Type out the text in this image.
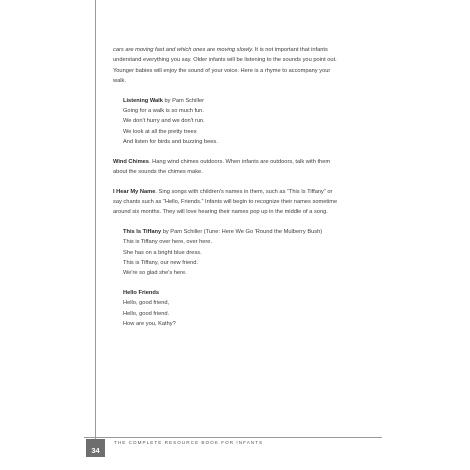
cars are moving fast and which ones are moving slowly. It is not important that infants
understand everything you say. Older infants will be listening to the sounds you point out.
Younger babies will enjoy the sound of your voice. Here is a rhyme to accompany your
walk.

Listening Walk by Pam Schiller
Going for a walk is so much fun.
We don't hurry and we don't run.
We look at all the pretty trees
And listen for birds and buzzing bees.

Wind Chimes. Hang wind chimes outdoors. When infants are outdoors, talk with them
about the sounds the chimes make.

I Hear My Name. Sing songs with children's names in them, such as “This Is Tiffany” or
say chants such as “Hello, Friends.” Infants will begin to recognize their names sometime
around six months. They will love hearing their names pop up in the middle of a song.

This Is Tiffany by Pam Schiller (Tune: Here We Go 'Round the Mulberry Bush)
This is Tiffany over here, over here.
She has on a bright blue dress.
This is Tiffany, our new friend.
We're so glad she's here.
Hello Friends
Hello, good friend,
Hello, good friend.
How are you, Kathy?
34
THE COMPLETE RESOURCE BOOK FOR INFANTS
